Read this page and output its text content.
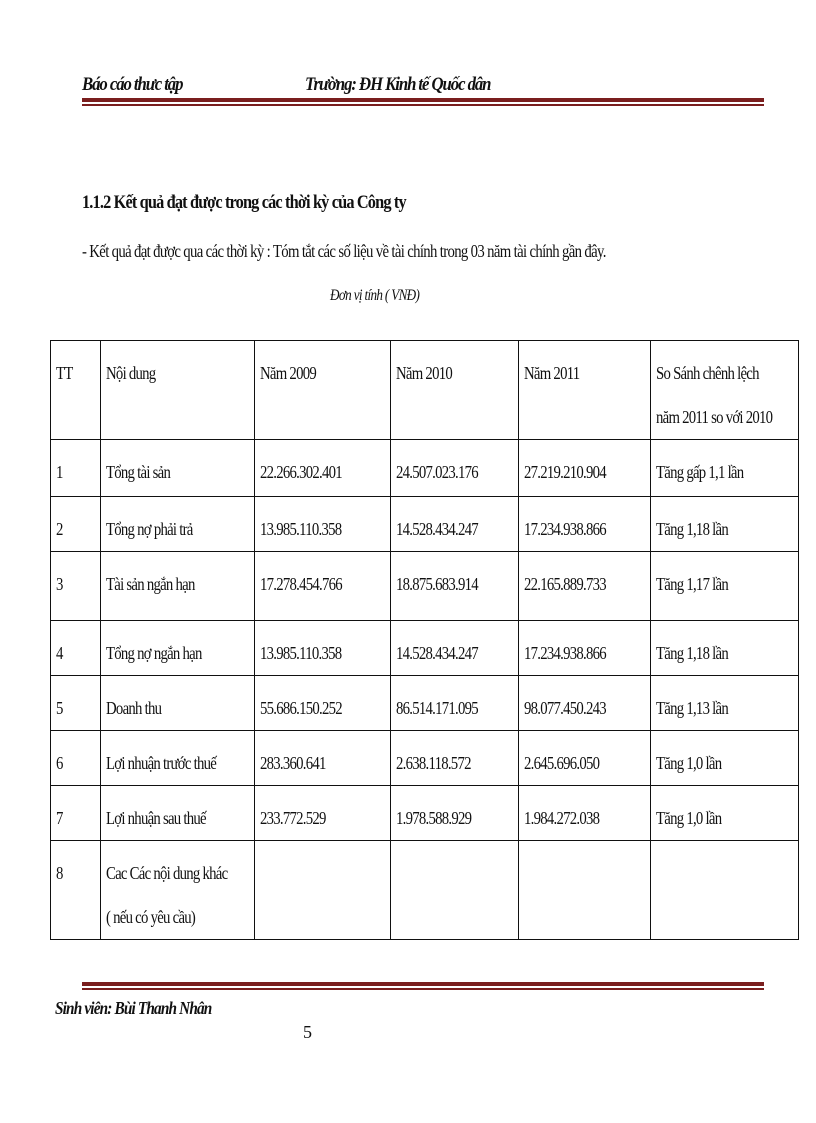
Báo cáo thưc tập	Trường: ĐH Kinh tế Quốc dân
1.1.2 Kết quả đạt được trong các thời kỳ của Công ty
- Kết quả đạt được qua các thời kỳ : Tóm tắt các số liệu về tài chính trong 03 năm tài chính gần đây.
Đơn vị tính ( VNĐ)
TT	Nội dung	Năm 2009	Năm 2010	Năm 2011	So Sánh chênh lệch
năm 2011 so với 2010
1	Tổng tài sản	22.266.302.401	24.507.023.176	27.219.210.904	Tăng gấp 1,1 lần
2	Tổng nợ phải trả	13.985.110.358	14.528.434.247	17.234.938.866	Tăng 1,18 lần
3	Tài sản ngắn hạn	17.278.454.766	18.875.683.914	22.165.889.733	Tăng 1,17 lần
4	Tổng nợ ngắn hạn	13.985.110.358	14.528.434.247	17.234.938.866	Tăng 1,18 lần
5	Doanh thu	55.686.150.252	86.514.171.095	98.077.450.243	Tăng 1,13 lần
6	Lợi nhuận trước thuế	283.360.641	2.638.118.572	2.645.696.050	Tăng 1,0 lần
7	Lợi nhuận sau thuế	233.772.529	1.978.588.929	1.984.272.038	Tăng 1,0 lần
8	Cac Các nội dung khác
( nếu có yêu cầu)				
Sinh viên: Bùi Thanh Nhân
5
